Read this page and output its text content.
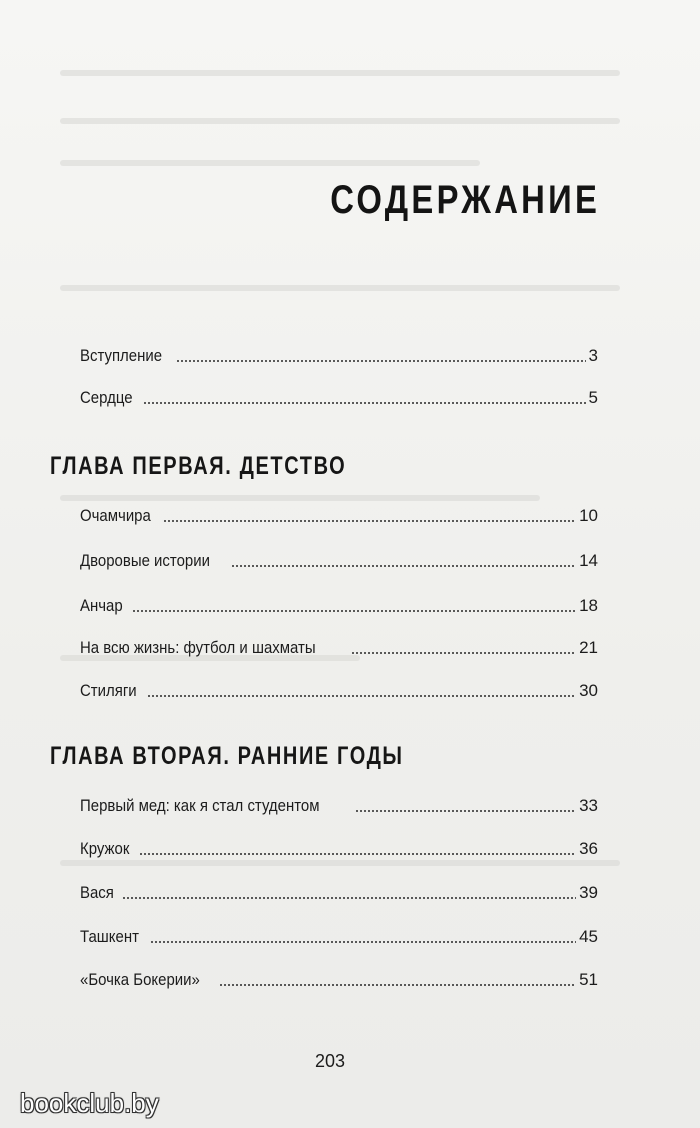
СОДЕРЖАНИЕ
Вступление	3
Сердце	5
ГЛАВА ПЕРВАЯ. ДЕТСТВО
Очамчира	10
Дворовые истории	14
Анчар	18
На всю жизнь: футбол и шахматы	21
Стиляги	30
ГЛАВА ВТОРАЯ. РАННИЕ ГОДЫ
Первый мед: как я стал студентом	33
Кружок	36
Вася	39
Ташкент	45
«Бочка Бокерии»	51
203
bookclub.by
